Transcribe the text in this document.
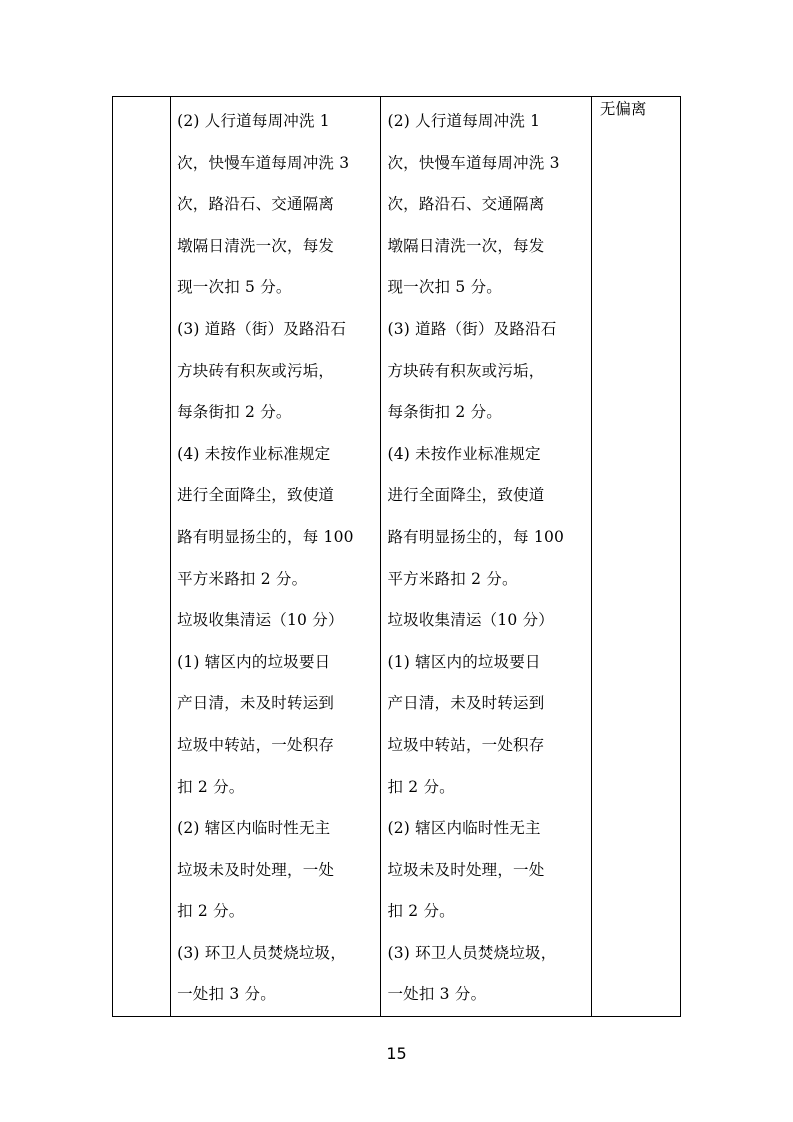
(2) 人行道每周冲洗 1
次，快慢车道每周冲洗 3
次，路沿石、交通隔离
墩隔日清洗一次，每发
现一次扣 5 分。
(3) 道路（街）及路沿石
方块砖有积灰或污垢，
每条街扣 2 分。
(4) 未按作业标准规定
进行全面降尘，致使道
路有明显扬尘的，每 100
平方米路扣 2 分。
垃圾收集清运（10 分）
(1) 辖区内的垃圾要日
产日清，未及时转运到
垃圾中转站，一处积存
扣 2 分。
(2) 辖区内临时性无主
垃圾未及时处理，一处
扣 2 分。
(3) 环卫人员焚烧垃圾，
一处扣 3 分。

(2) 人行道每周冲洗 1
次，快慢车道每周冲洗 3
次，路沿石、交通隔离
墩隔日清洗一次，每发
现一次扣 5 分。
(3) 道路（街）及路沿石
方块砖有积灰或污垢，
每条街扣 2 分。
(4) 未按作业标准规定
进行全面降尘，致使道
路有明显扬尘的，每 100
平方米路扣 2 分。
垃圾收集清运（10 分）
(1) 辖区内的垃圾要日
产日清，未及时转运到
垃圾中转站，一处积存
扣 2 分。
(2) 辖区内临时性无主
垃圾未及时处理，一处
扣 2 分。
(3) 环卫人员焚烧垃圾，
一处扣 3 分。

无偏离
15
